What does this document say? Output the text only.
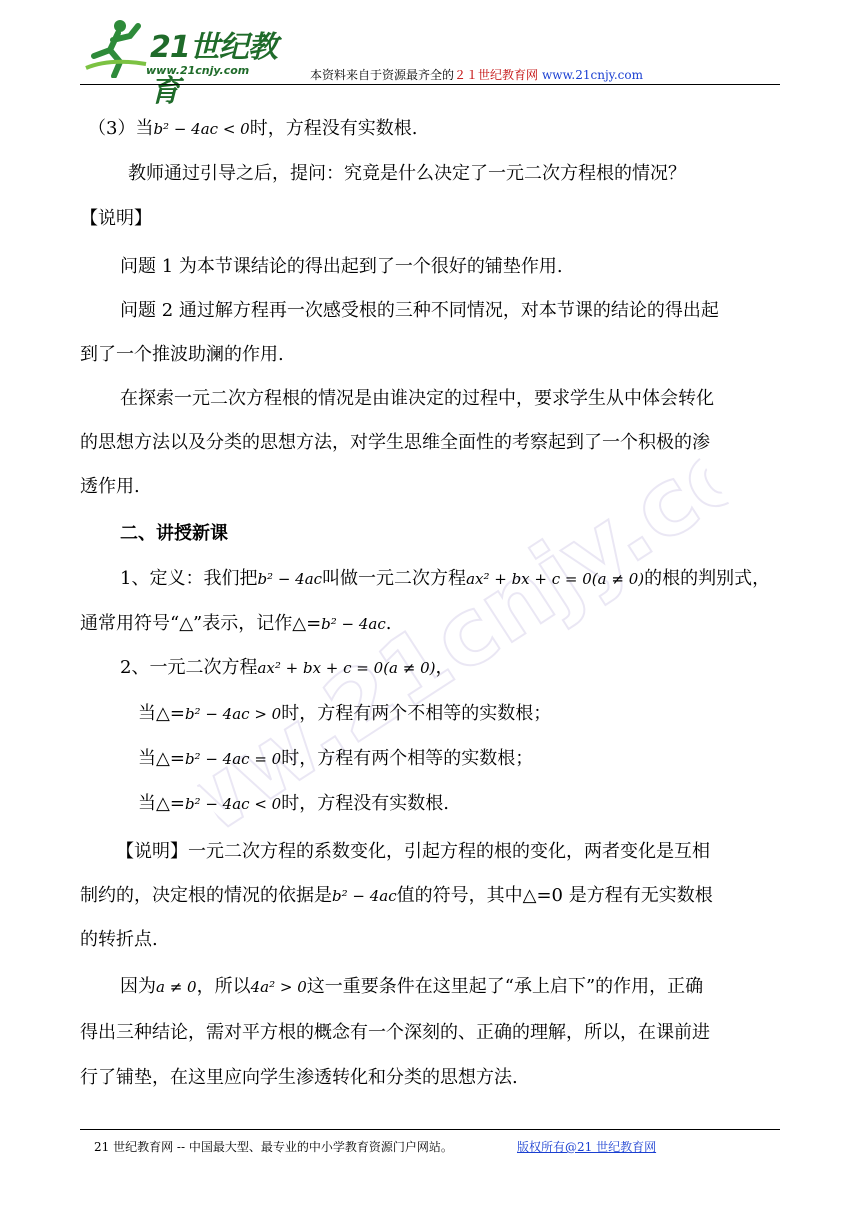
21世纪教育
www.21cnjy.com	本资料来自于资源最齐全的２１世纪教育网 www.21cnjy.com
www.21cnjy.com
（3）当b² − 4ac < 0时，方程没有实数根.
教师通过引导之后，提问：究竟是什么决定了一元二次方程根的情况？
【说明】
问题 1 为本节课结论的得出起到了一个很好的铺垫作用.
问题 2 通过解方程再一次感受根的三种不同情况，对本节课的结论的得出起
到了一个推波助澜的作用.
在探索一元二次方程根的情况是由谁决定的过程中，要求学生从中体会转化
的思想方法以及分类的思想方法，对学生思维全面性的考察起到了一个积极的渗
透作用.
二、讲授新课
1、定义：我们把b² − 4ac叫做一元二次方程ax² + bx + c = 0(a ≠ 0)的根的判别式，
通常用符号“△”表示，记作△=b² − 4ac.
2、一元二次方程ax² + bx + c = 0(a ≠ 0)，
当△=b² − 4ac > 0时，方程有两个不相等的实数根；
当△=b² − 4ac = 0时，方程有两个相等的实数根；
当△=b² − 4ac < 0时，方程没有实数根.
【说明】一元二次方程的系数变化，引起方程的根的变化，两者变化是互相
制约的，决定根的情况的依据是b² − 4ac值的符号，其中△=0 是方程有无实数根
的转折点.
因为a ≠ 0，所以4a² > 0这一重要条件在这里起了“承上启下”的作用，正确
得出三种结论，需对平方根的概念有一个深刻的、正确的理解，所以，在课前进
行了铺垫，在这里应向学生渗透转化和分类的思想方法.
21 世纪教育网 -- 中国最大型、最专业的中小学教育资源门户网站。	版权所有@21 世纪教育网
